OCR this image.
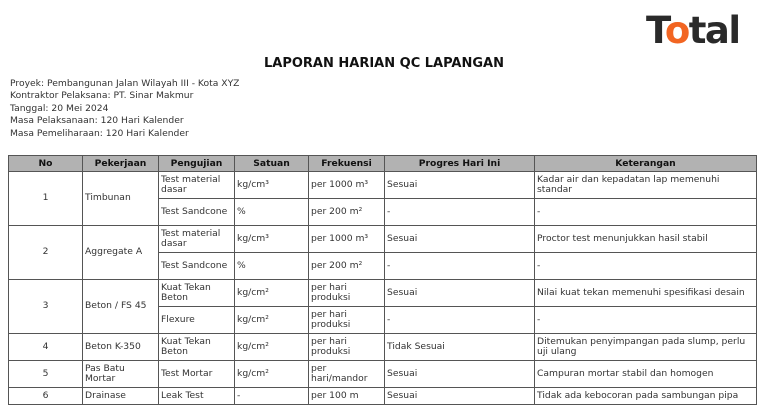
Total
LAPORAN HARIAN QC LAPANGAN
Proyek: Pembangunan Jalan Wilayah III - Kota XYZ
Kontraktor Pelaksana: PT. Sinar Makmur
Tanggal: 20 Mei 2024
Masa Pelaksanaan: 120 Hari Kalender
Masa Pemeliharaan: 120 Hari Kalender
No	Pekerjaan	Pengujian	Satuan	Frekuensi	Progres Hari Ini	Keterangan
1	Timbunan	Test material dasar	kg/cm³	per 1000 m³	Sesuai	Kadar air dan kepadatan lap memenuhi standar
		Test Sandcone	%	per 200 m²	-	-
2	Aggregate A	Test material dasar	kg/cm³	per 1000 m³	Sesuai	Proctor test menunjukkan hasil stabil
		Test Sandcone	%	per 200 m²	-	-
3	Beton / FS 45	Kuat Tekan Beton	kg/cm²	per hari produksi	Sesuai	Nilai kuat tekan memenuhi spesifikasi desain
		Flexure	kg/cm²	per hari produksi	-	-
4	Beton K-350	Kuat Tekan Beton	kg/cm²	per hari produksi	Tidak Sesuai	Ditemukan penyimpangan pada slump, perlu uji ulang
5	Pas Batu Mortar	Test Mortar	kg/cm²	per hari/mandor	Sesuai	Campuran mortar stabil dan homogen
6	Drainase	Leak Test	-	per 100 m	Sesuai	Tidak ada kebocoran pada sambungan pipa
